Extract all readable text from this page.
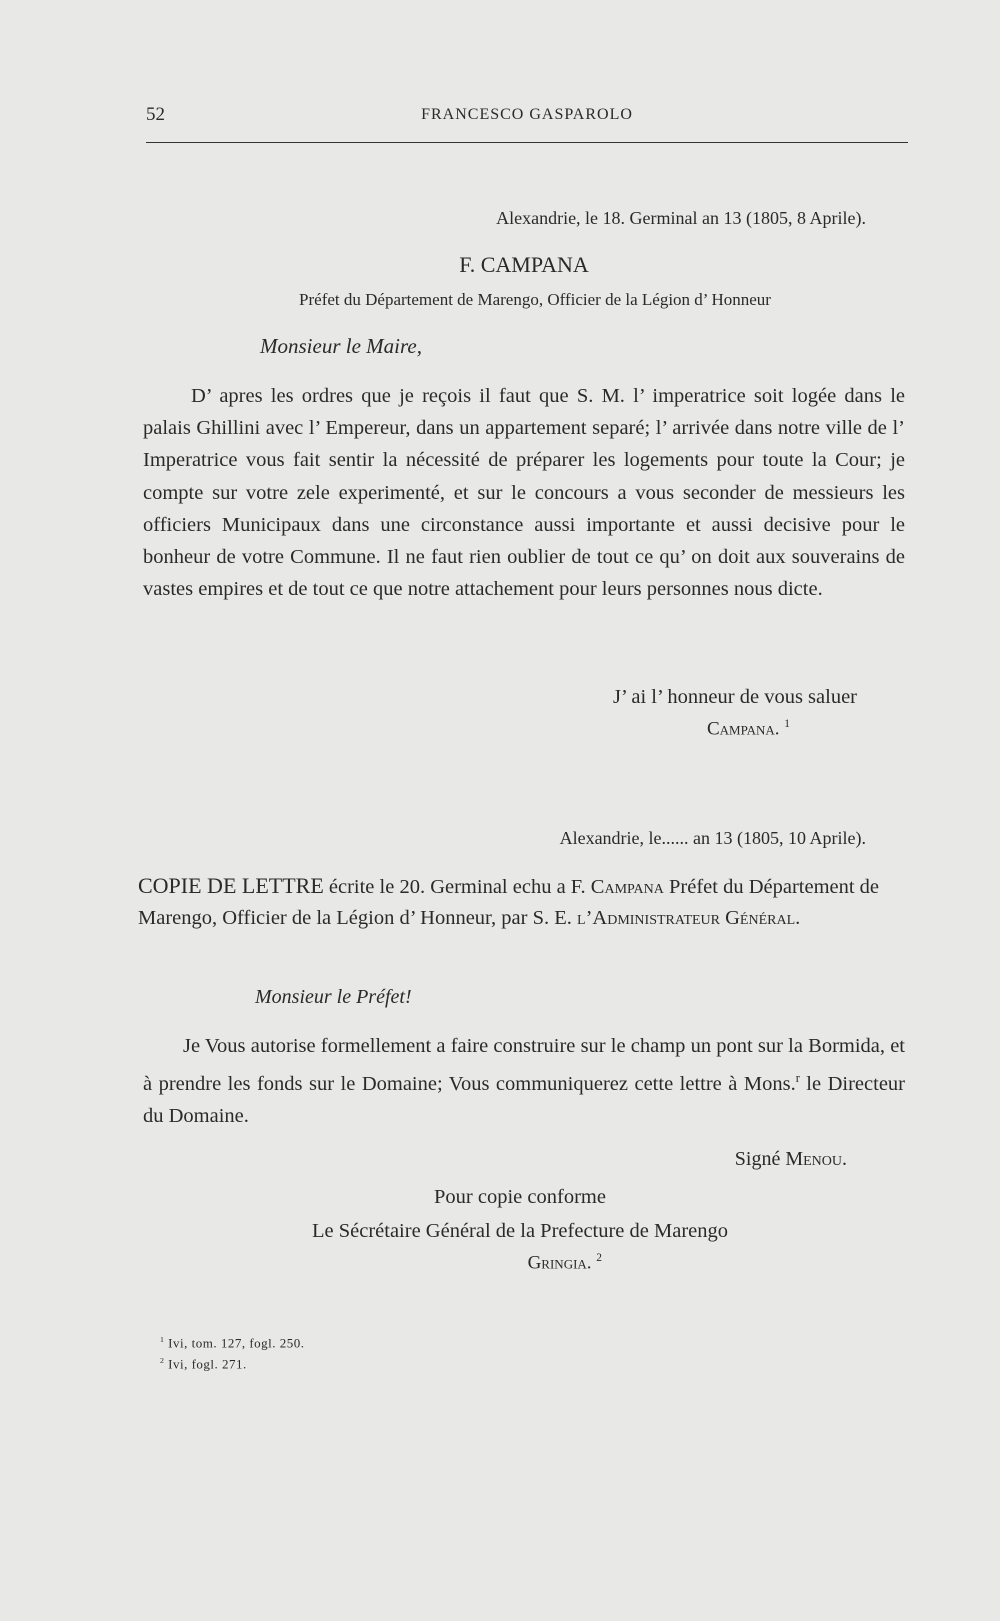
52	FRANCESCO GASPAROLO
Alexandrie, le 18. Germinal an 13 (1805, 8 Aprile).
F. CAMPANA
Préfet du Département de Marengo, Officier de la Légion d’ Honneur
Monsieur le Maire,
D’ apres les ordres que je reçois il faut que S. M. l’ imperatrice soit logée dans le palais Ghillini avec l’ Empereur, dans un appartement separé; l’ arrivée dans notre ville de l’ Imperatrice vous fait sentir la nécessité de préparer les logements pour toute la Cour; je compte sur votre zele experimenté, et sur le concours a vous seconder de messieurs les officiers Municipaux dans une circonstance aussi importante et aussi decisive pour le bonheur de votre Commune. Il ne faut rien oublier de tout ce qu’ on doit aux souverains de vastes empires et de tout ce que notre attachement pour leurs personnes nous dicte.
J’ ai l’ honneur de vous saluer
Campana. $^1$
Alexandrie, le...... an 13 (1805, 10 Aprile).
COPIE DE LETTRE écrite le 20. Germinal echu a F. Campana Préfet du Département de Marengo, Officier de la Légion d’ Honneur, par S. E. l’Administrateur Général.
Monsieur le Préfet!
Je Vous autorise formellement a faire construire sur le champ un pont sur la Bormida, et à prendre les fonds sur le Domaine; Vous communiquerez cette lettre à Mons.$^r$ le Directeur du Domaine.
Signé Menou.
Pour copie conforme
Le Sécrétaire Général de la Prefecture de Marengo
Gringia. $^2$
$^1$ Ivi, tom. 127, fogl. 250.
$^2$ Ivi, fogl. 271.
